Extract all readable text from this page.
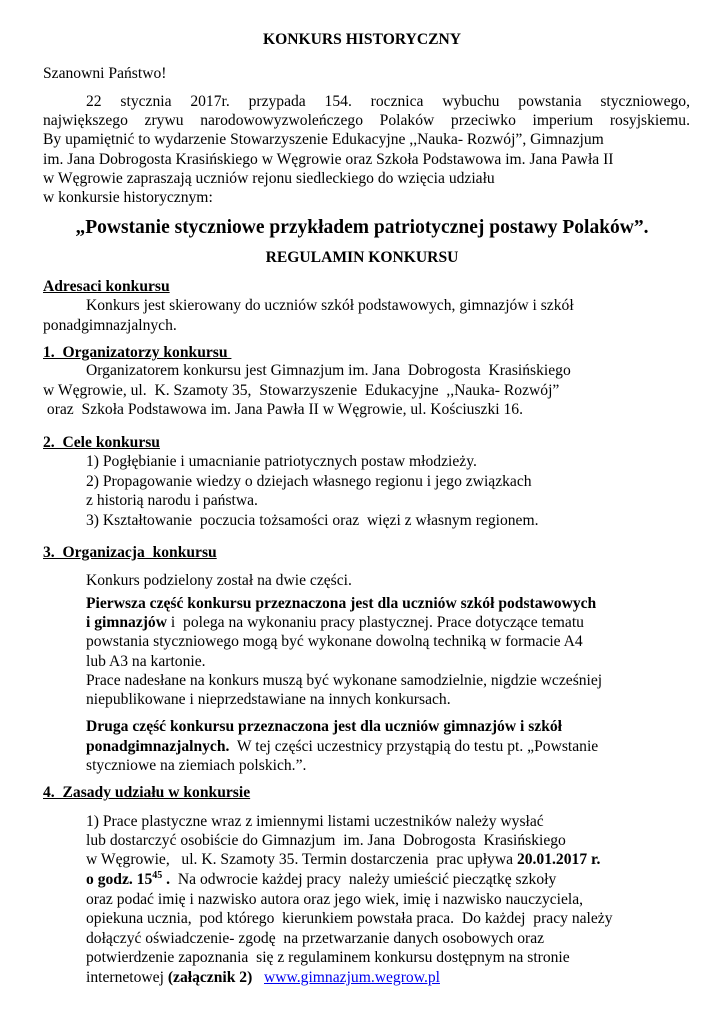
KONKURS HISTORYCZNY
Szanowni Państwo!
22 stycznia 2017r. przypada 154. rocznica wybuchu powstania styczniowego,
największego zrywu narodowowyzwoleńczego Polaków przeciwko imperium rosyjskiemu.
By upamiętnić to wydarzenie Stowarzyszenie Edukacyjne ,,Nauka- Rozwój”, Gimnazjum
im. Jana Dobrogosta Krasińskiego w Węgrowie oraz Szkoła Podstawowa im. Jana Pawła II
w Węgrowie zapraszają uczniów rejonu siedleckiego do wzięcia udziału
w konkursie historycznym:
„Powstanie styczniowe przykładem patriotycznej postawy Polaków”.
REGULAMIN KONKURSU
Adresaci konkursu
Konkurs jest skierowany do uczniów szkół podstawowych, gimnazjów i szkół
ponadgimnazjalnych.
1.  Organizatorzy konkursu
Organizatorem konkursu jest Gimnazjum im. Jana  Dobrogosta  Krasińskiego
w Węgrowie, ul.  K. Szamoty 35,  Stowarzyszenie  Edukacyjne  ,,Nauka- Rozwój”
oraz  Szkoła Podstawowa im. Jana Pawła II w Węgrowie, ul. Kościuszki 16.
2.  Cele konkursu
1) Pogłębianie i umacnianie patriotycznych postaw młodzieży.
2) Propagowanie wiedzy o dziejach własnego regionu i jego związkach
z historią narodu i państwa.
3) Kształtowanie  poczucia tożsamości oraz  więzi z własnym regionem.
3.  Organizacja  konkursu
Konkurs podzielony został na dwie części.
Pierwsza część konkursu przeznaczona jest dla uczniów szkół podstawowych
i gimnazjów i  polega na wykonaniu pracy plastycznej. Prace dotyczące tematu
powstania styczniowego mogą być wykonane dowolną techniką w formacie A4
lub A3 na kartonie.
Prace nadesłane na konkurs muszą być wykonane samodzielnie, nigdzie wcześniej
niepublikowane i nieprzedstawiane na innych konkursach.
Druga część konkursu przeznaczona jest dla uczniów gimnazjów i szkół
ponadgimnazjalnych.  W tej części uczestnicy przystąpią do testu pt. „Powstanie
styczniowe na ziemiach polskich.”.
4.  Zasady udziału w konkursie
1) Prace plastyczne wraz z imiennymi listami uczestników należy wysłać
lub dostarczyć osobiście do Gimnazjum  im. Jana  Dobrogosta  Krasińskiego
w Węgrowie,   ul. K. Szamoty 35. Termin dostarczenia  prac upływa 20.01.2017 r.
o godz. $15^{45}$ .  Na odwrocie każdej pracy  należy umieścić pieczątkę szkoły
oraz podać imię i nazwisko autora oraz jego wiek, imię i nazwisko nauczyciela,
opiekuna ucznia,  pod którego  kierunkiem powstała praca.  Do każdej  pracy należy
dołączyć oświadczenie- zgodę  na przetwarzanie danych osobowych oraz
potwierdzenie zapoznania  się z regulaminem konkursu dostępnym na stronie
internetowej (załącznik 2) www.gimnazjum.wegrow.pl
